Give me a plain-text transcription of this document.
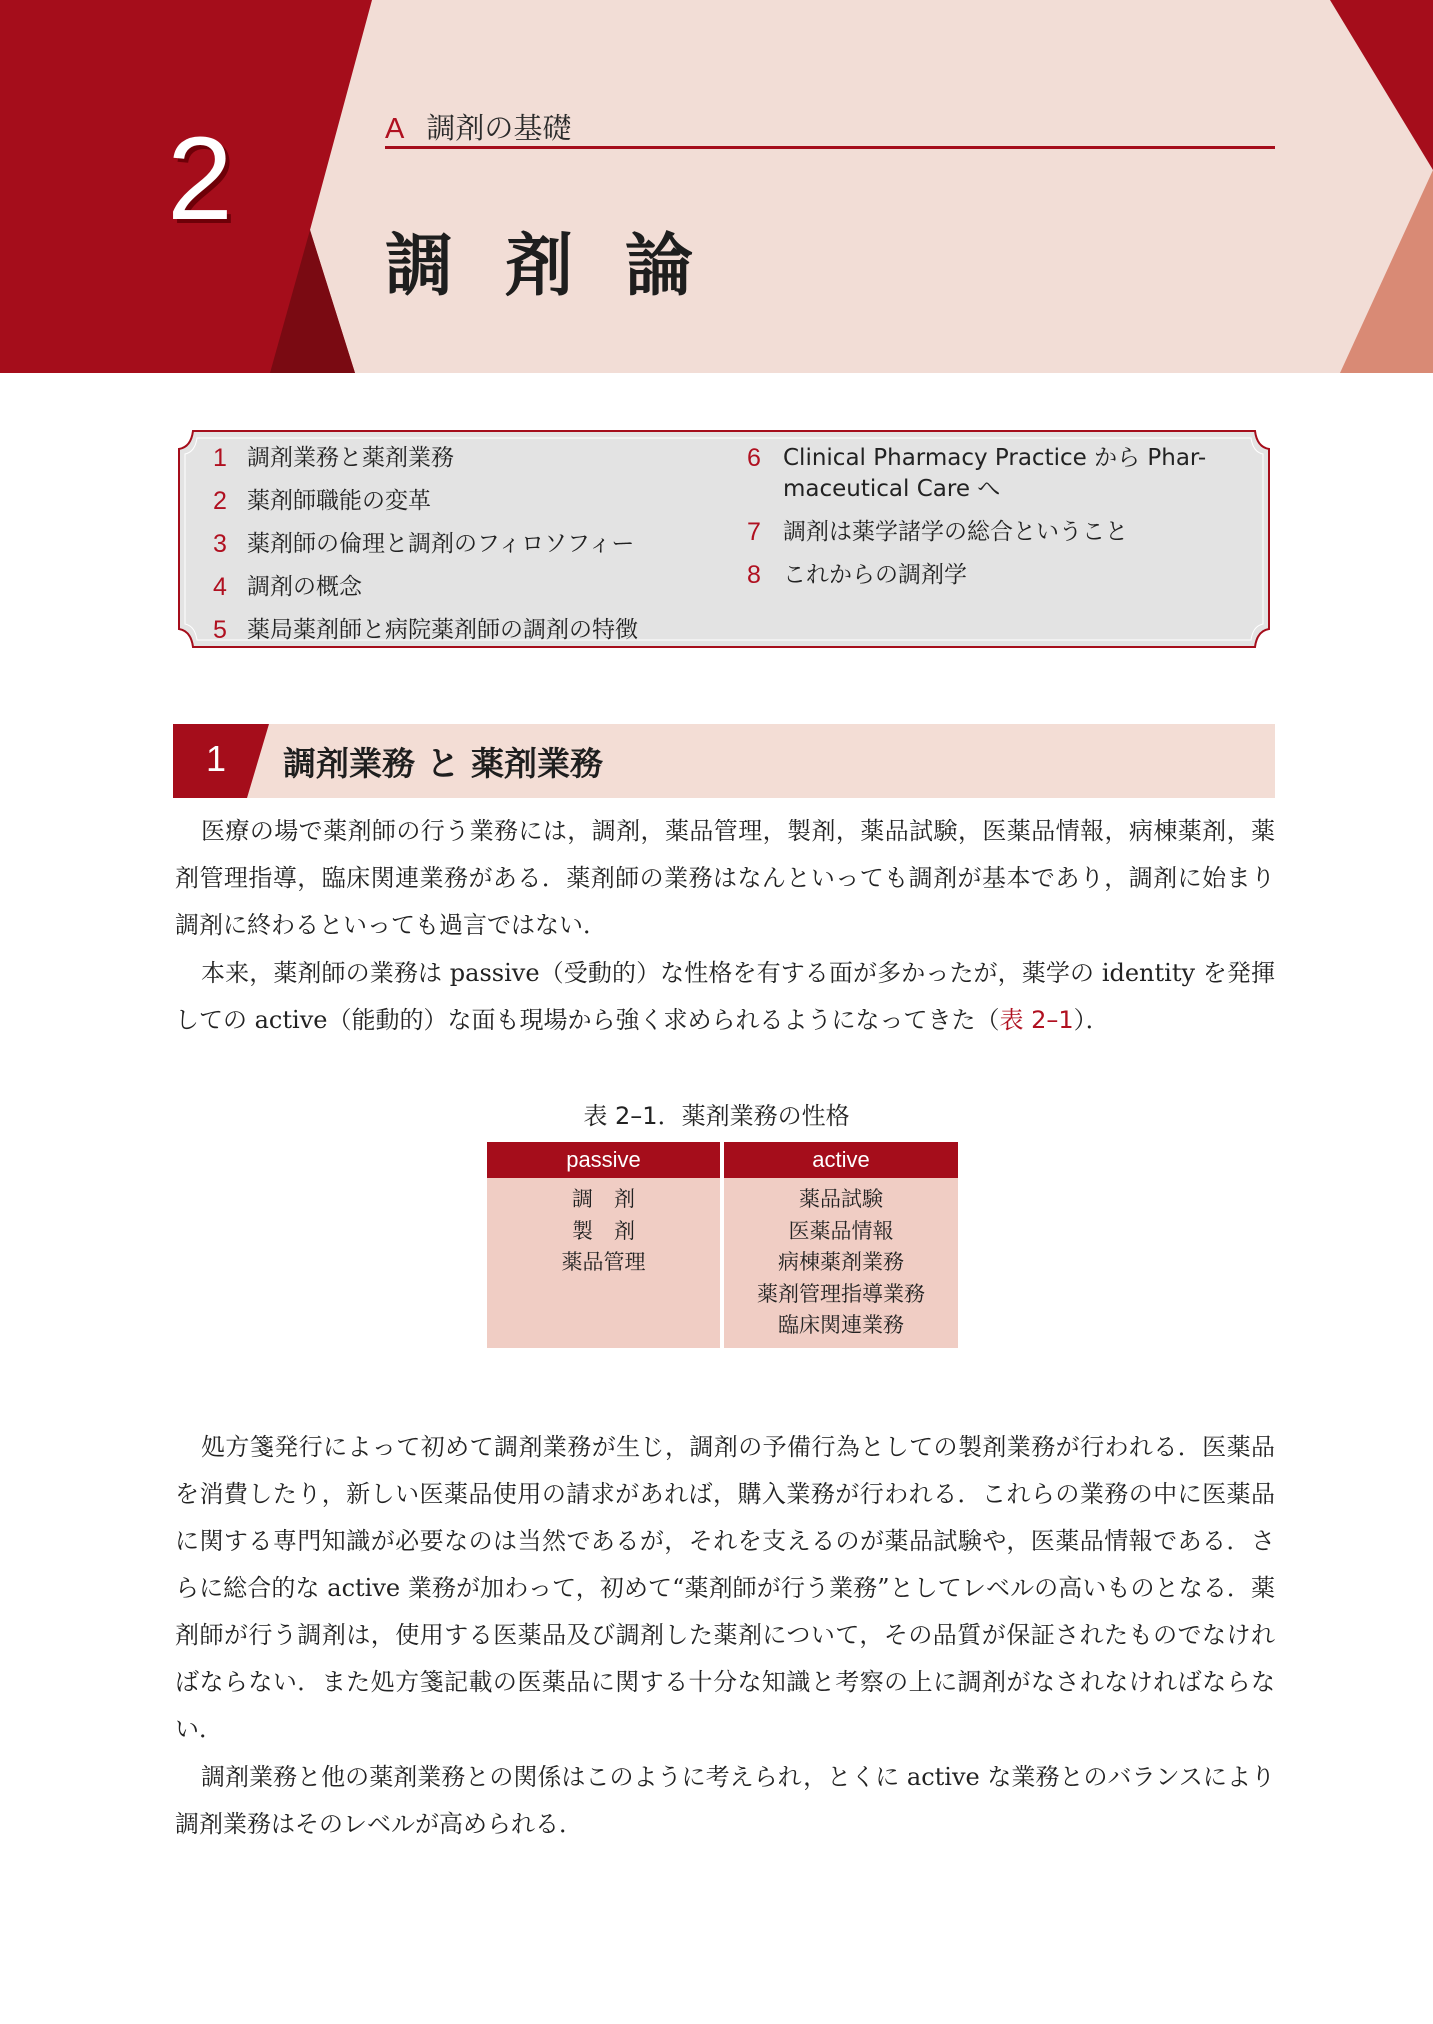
2	A 調剤の基礎
調剤論
1 調剤業務と薬剤業務
2 薬剤師職能の変革
3 薬剤師の倫理と調剤のフィロソフィー
4 調剤の概念
5 薬局薬剤師と病院薬剤師の調剤の特徴
6 Clinical Pharmacy Practice から Phar-
maceutical Care へ
7 調剤は薬学諸学の総合ということ
8 これからの調剤学
1 調剤業務 と 薬剤業務
医療の場で薬剤師の行う業務には，調剤，薬品管理，製剤，薬品試験，医薬品情報，病棟薬剤，薬剤管理指導，臨床関連業務がある．薬剤師の業務はなんといっても調剤が基本であり，調剤に始まり調剤に終わるといっても過言ではない．
本来，薬剤師の業務は passive（受動的）な性格を有する面が多かったが，薬学の identity を発揮しての active（能動的）な面も現場から強く求められるようになってきた（表 2–1）．
表 2–1．薬剤業務の性格
passive	active
調　剤
製　剤
薬品管理
薬品試験
医薬品情報
病棟薬剤業務
薬剤管理指導業務
臨床関連業務
処方箋発行によって初めて調剤業務が生じ，調剤の予備行為としての製剤業務が行われる．医薬品を消費したり，新しい医薬品使用の請求があれば，購入業務が行われる．これらの業務の中に医薬品に関する専門知識が必要なのは当然であるが，それを支えるのが薬品試験や，医薬品情報である．さらに総合的な active 業務が加わって，初めて“薬剤師が行う業務”としてレベルの高いものとなる．薬剤師が行う調剤は，使用する医薬品及び調剤した薬剤について，その品質が保証されたものでなければならない．また処方箋記載の医薬品に関する十分な知識と考察の上に調剤がなされなければならない．
調剤業務と他の薬剤業務との関係はこのように考えられ，とくに active な業務とのバランスにより調剤業務はそのレベルが高められる．
